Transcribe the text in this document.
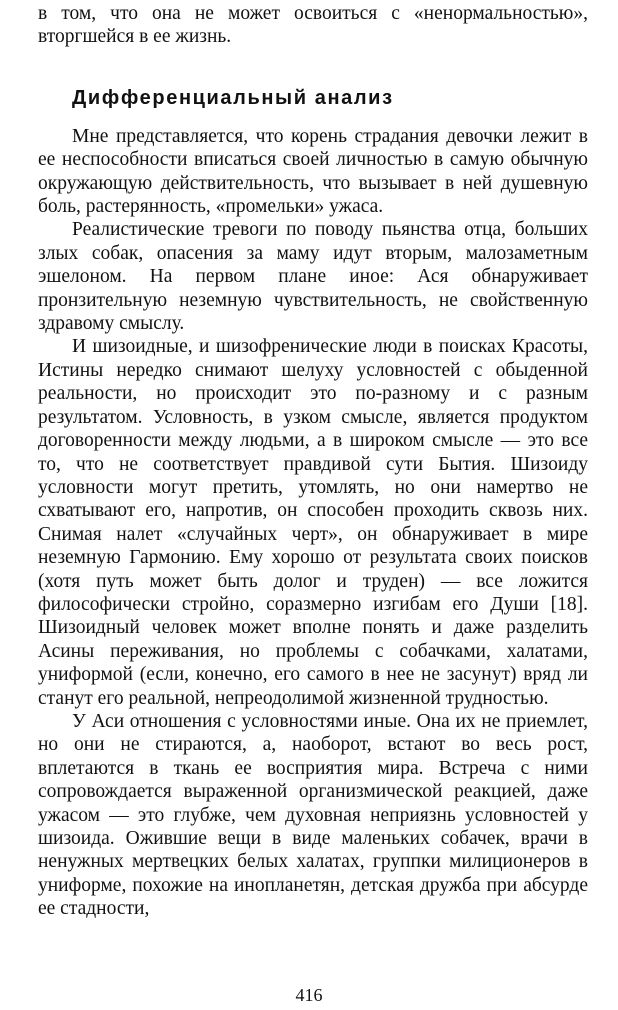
в том, что она не может освоиться с «ненормальностью», вторгшейся в ее жизнь.

Дифференциальный анализ

Мне представляется, что корень страдания девочки лежит в ее неспособности вписаться своей личностью в самую обычную окружающую действительность, что вызывает в ней душевную боль, растерянность, «промельки» ужаса.

Реалистические тревоги по поводу пьянства отца, больших злых собак, опасения за маму идут вторым, малозаметным эшелоном. На первом плане иное: Ася обнаруживает пронзительную неземную чувствительность, не свойственную здравому смыслу.

И шизоидные, и шизофренические люди в поисках Красоты, Истины нередко снимают шелуху условностей с обыденной реальности, но происходит это по-разному и с разным результатом. Условность, в узком смысле, является продуктом договоренности между людьми, а в широком смысле — это все то, что не соответствует правдивой сути Бытия. Шизоиду условности могут претить, утомлять, но они намертво не схватывают его, напротив, он способен проходить сквозь них. Снимая налет «случайных черт», он обнаруживает в мире неземную Гармонию. Ему хорошо от результата своих поисков (хотя путь может быть долог и труден) — все ложится философически стройно, соразмерно изгибам его Души [18]. Шизоидный человек может вполне понять и даже разделить Асины переживания, но проблемы с собачками, халатами, униформой (если, конечно, его самого в нее не засунут) вряд ли станут его реальной, непреодолимой жизненной трудностью.

У Аси отношения с условностями иные. Она их не приемлет, но они не стираются, а, наоборот, встают во весь рост, вплетаются в ткань ее восприятия мира. Встреча с ними сопровождается выраженной организмической реакцией, даже ужасом — это глубже, чем духовная неприязнь условностей у шизоида. Ожившие вещи в виде маленьких собачек, врачи в ненужных мертвецких белых халатах, группки милиционеров в униформе, похожие на инопланетян, детская дружба при абсурде ее стадности,

416
